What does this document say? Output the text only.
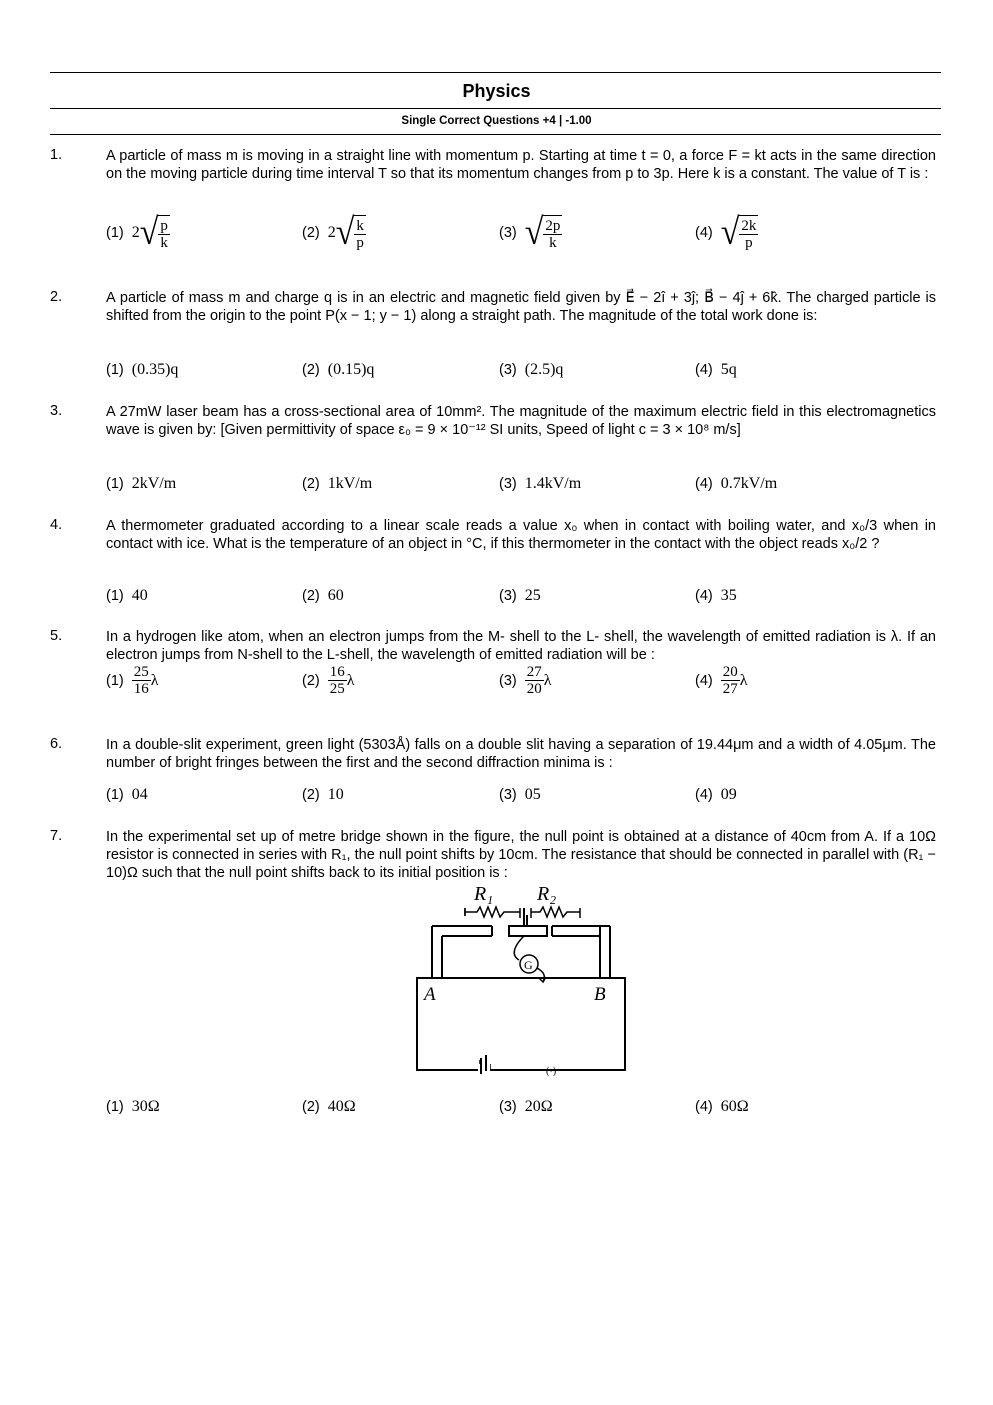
Physics
Single Correct Questions +4 | -1.00
1.	A particle of mass m is moving in a straight line with momentum p. Starting at time t = 0, a force F = kt acts in the same direction on the moving particle during time interval T so that its momentum changes from p to 3p. Here k is a constant. The value of T is :
(1) 2 √ $\frac{p}{k}$	(2) 2 √ $\frac{k}{p}$	(3) √ $\frac{2p}{k}$	(4) √ $\frac{2k}{p}$
2.	A particle of mass m and charge q is in an electric and magnetic field given by E⃗ − 2î + 3ĵ; B⃗ − 4ĵ + 6k̂. The charged particle is shifted from the origin to the point P(x − 1; y − 1) along a straight path. The magnitude of the total work done is:
(1) (0.35)q	(2) (0.15)q	(3) (2.5)q	(4) 5q
3.	A 27mW laser beam has a cross-sectional area of 10mm². The magnitude of the maximum electric field in this electromagnetics wave is given by: [Given permittivity of space ε₀ = 9 × 10⁻¹² SI units, Speed of light c = 3 × 10⁸ m/s]
(1) 2kV/m	(2) 1kV/m	(3) 1.4kV/m	(4) 0.7kV/m
4.	A thermometer graduated according to a linear scale reads a value x₀ when in contact with boiling water, and x₀/3 when in contact with ice. What is the temperature of an object in °C, if this thermometer in the contact with the object reads x₀/2 ?
(1) 40	(2) 60	(3) 25	(4) 35
5.	In a hydrogen like atom, when an electron jumps from the M- shell to the L- shell, the wavelength of emitted radiation is λ. If an electron jumps from N-shell to the L-shell, the wavelength of emitted radiation will be :
$(1) \frac{25}{16}$ λ	$(2) \frac{16}{25}$ λ	$(3) \frac{27}{20}$ λ	$(4) \frac{20}{27}$ λ
6.	In a double-slit experiment, green light (5303Å) falls on a double slit having a separation of 19.44μm and a width of 4.05μm. The number of bright fringes between the first and the second diffraction minima is :
(1) 04	(2) 10	(3) 05	(4) 09
7.	In the experimental set up of metre bridge shown in the figure, the null point is obtained at a distance of 40cm from A. If a 10Ω resistor is connected in series with R₁, the null point shifts by 10cm. The resistance that should be connected in parallel with (R₁ − 10)Ω such that the null point shifts back to its initial position is :
(1) 30Ω	(2) 40Ω	(3) 20Ω	(4) 60Ω
(•)
R₁ R₂
G
A	B
